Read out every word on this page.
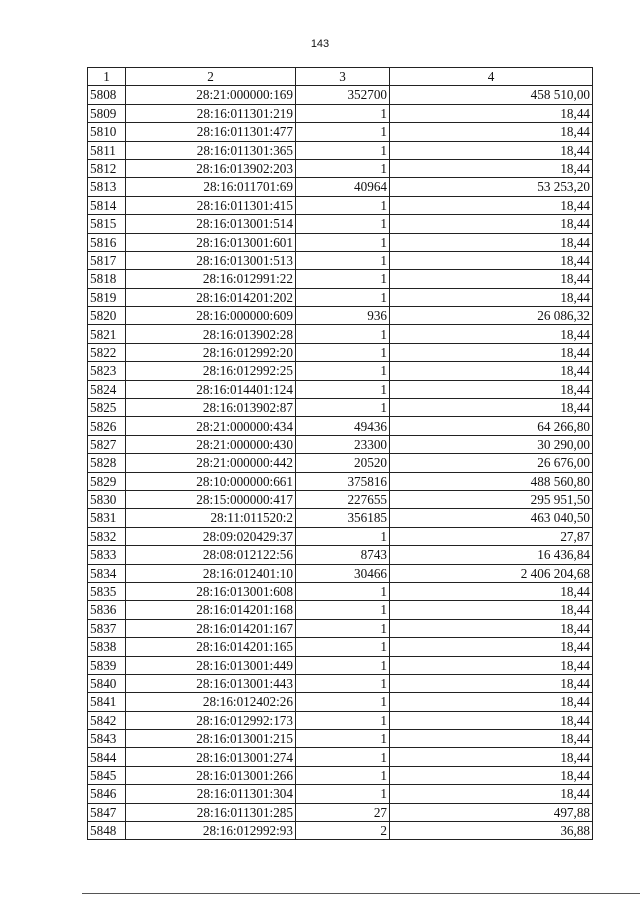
143
1	2	3	4
5808	28:21:000000:169	352700	458 510,00
5809	28:16:011301:219	1	18,44
5810	28:16:011301:477	1	18,44
5811	28:16:011301:365	1	18,44
5812	28:16:013902:203	1	18,44
5813	28:16:011701:69	40964	53 253,20
5814	28:16:011301:415	1	18,44
5815	28:16:013001:514	1	18,44
5816	28:16:013001:601	1	18,44
5817	28:16:013001:513	1	18,44
5818	28:16:012991:22	1	18,44
5819	28:16:014201:202	1	18,44
5820	28:16:000000:609	936	26 086,32
5821	28:16:013902:28	1	18,44
5822	28:16:012992:20	1	18,44
5823	28:16:012992:25	1	18,44
5824	28:16:014401:124	1	18,44
5825	28:16:013902:87	1	18,44
5826	28:21:000000:434	49436	64 266,80
5827	28:21:000000:430	23300	30 290,00
5828	28:21:000000:442	20520	26 676,00
5829	28:10:000000:661	375816	488 560,80
5830	28:15:000000:417	227655	295 951,50
5831	28:11:011520:2	356185	463 040,50
5832	28:09:020429:37	1	27,87
5833	28:08:012122:56	8743	16 436,84
5834	28:16:012401:10	30466	2 406 204,68
5835	28:16:013001:608	1	18,44
5836	28:16:014201:168	1	18,44
5837	28:16:014201:167	1	18,44
5838	28:16:014201:165	1	18,44
5839	28:16:013001:449	1	18,44
5840	28:16:013001:443	1	18,44
5841	28:16:012402:26	1	18,44
5842	28:16:012992:173	1	18,44
5843	28:16:013001:215	1	18,44
5844	28:16:013001:274	1	18,44
5845	28:16:013001:266	1	18,44
5846	28:16:011301:304	1	18,44
5847	28:16:011301:285	27	497,88
5848	28:16:012992:93	2	36,88
